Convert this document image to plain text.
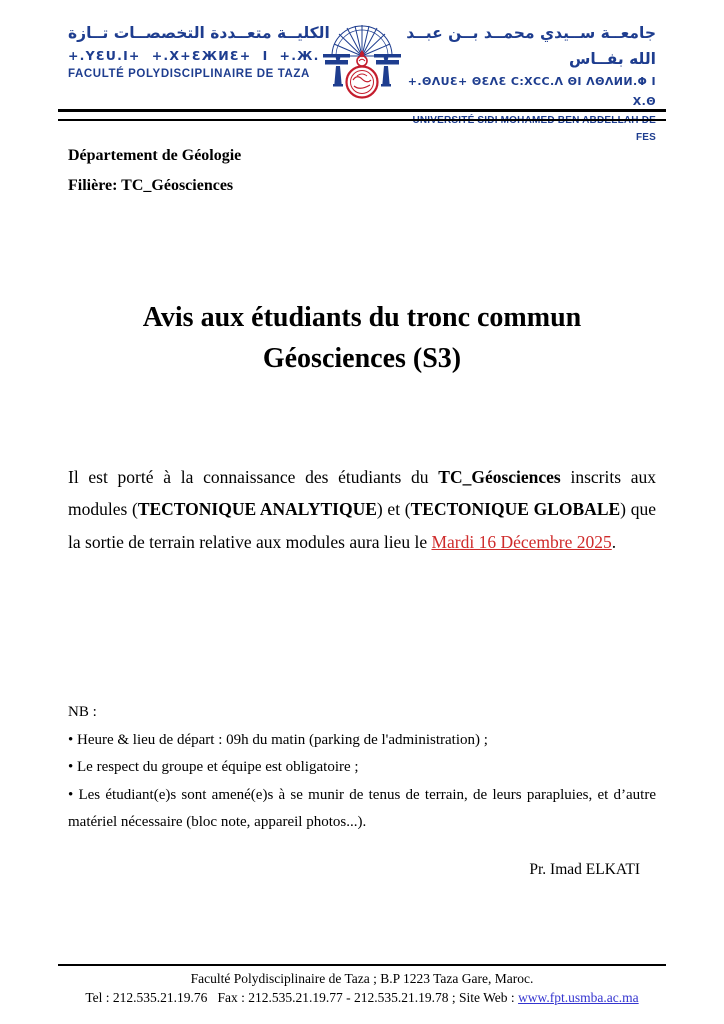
الكليــة متعــددة التخصصــات تــازة
+.ΥƐU.Ι+  +.Χ+ƐЖИƐ+  Ι  +.Ж.
FACULTÉ POLYDISCIPLINAIRE DE TAZA
جامعــة ســيدي محمــد بــن عبــد الله بفــاس
+.ΘΛUƐ+ ΘƐΛƐ C:ΧCC.Λ ΘΙ ΛΘΛИИ.Φ Ι Χ.Θ
UNIVERSITÉ SIDI MOHAMED BEN ABDELLAH DE FES
Département de Géologie
Filière: TC_Géosciences
Avis aux étudiants du tronc commun
Géosciences (S3)

Il est porté à la connaissance des étudiants du TC_Géosciences inscrits aux modules (TECTONIQUE ANALYTIQUE) et (TECTONIQUE GLOBALE) que la sortie de terrain relative aux modules aura lieu le Mardi 16 Décembre 2025.

NB :
• Heure & lieu de départ : 09h du matin (parking de l'administration) ;
• Le respect du groupe et équipe est obligatoire ;
• Les étudiant(e)s sont amené(e)s à se munir de tenus de terrain, de leurs parapluies, et d’autre matériel nécessaire (bloc note, appareil photos...).
Pr. Imad ELKATI
Faculté Polydisciplinaire de Taza ; B.P 1223 Taza Gare, Maroc.
Tel : 212.535.21.19.76   Fax : 212.535.21.19.77 - 212.535.21.19.78 ; Site Web : www.fpt.usmba.ac.ma
